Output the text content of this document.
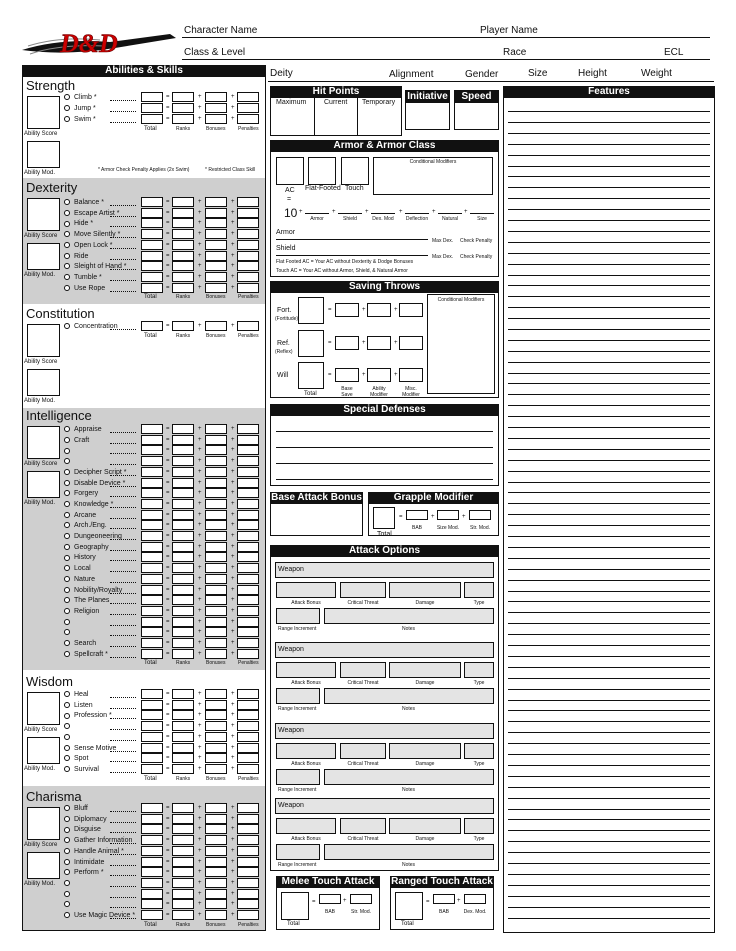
D&D	Character Name	Player Name
Class & Level	Race	ECL
Deity	Alignment	Gender	Size	Height	Weight
Abilities & Skills
Hit Points
Maximum	Current Temporary
Initiative	Speed
Armor & Armor Class
Conditional Modifiers
AC Flat-Footed Touch
=
10
Armor
Max Dex. Check Penalty
Shield
Max Dex. Check Penalty
Flat Footed AC = Your AC without Dexterity & Dodge Bonuses
Touch AC = Your AC without Armor, Shield, & Natural Armor
Saving Throws
Conditional Modifiers
Special Defenses
Base Attack Bonus	Grapple Modifier
Total
=	+	+
BAB	Size Mod.	Str. Mod.
Attack Options
Melee Touch Attack
Total
=	+
BAB	Str. Mod.
Ranged Touch Attack
Total
=	+
BAB	Dex. Mod.
Features
Strength
Ability Score
Ability Mod.
Climb *	=	+	+
Jump *	=	+	+
Swim *	=	+	+
Total	Ranks	Bonuses	Penalties
Dexterity
Ability Score
Ability Mod.
Balance *	=	+	+
Escape Artist *	=	+	+
Hide *	=	+	+
Move Silently *	=	+	+
Open Lock *	=	+	+
Ride	=	+	+
Sleight of Hand *	=	+	+
Tumble *	=	+	+
Use Rope	=	+	+
Total	Ranks	Bonuses	Penalties
Constitution
Ability Score
Ability Mod.
Concentration	=	+	+
Total	Ranks	Bonuses	Penalties
Intelligence
Ability Score
Ability Mod.
Appraise	=	+	+
Craft	=	+	+
=	+	+
=	+	+
Decipher Script *	=	+	+
Disable Device *	=	+	+
Forgery	=	+	+
Knowledge *	=	+	+
Arcane	=	+	+
Arch./Eng.	=	+	+
Dungeoneering	=	+	+
Geography	=	+	+
History	=	+	+
Local	=	+	+
Nature	=	+	+
Nobility/Royalty	=	+	+
The Planes	=	+	+
Religion	=	+	+
=	+	+
=	+	+
Search	=	+	+
Spellcraft *	=	+	+
Total	Ranks	Bonuses	Penalties
Wisdom
Ability Score
Ability Mod.
Heal	=	+	+
Listen	=	+	+
Profession *	=	+	+
=	+	+
=	+	+
Sense Motive	=	+	+
Spot	=	+	+
Survival	=	+	+
Total	Ranks	Bonuses	Penalties
Charisma
Ability Score
Ability Mod.
Bluff	=	+	+
Diplomacy	=	+	+
Disguise	=	+	+
Gather Information	=	+	+
Handle Animal *	=	+	+
Intimidate	=	+	+
Perform *	=	+	+
=	+	+
=	+	+
=	+	+
Use Magic Device *	=	+	+
Total	Ranks	Bonuses	Penalties
* Armor Check Penalty Applies (2x Swim)	* Restricted Class Skill
+	+	+	+	+	+
Armor	Shield	Dex. Mod	Deflection	Natural	Size
Fort.
(Fortitude)
=	+	+
Ref.
(Reflex)
=	+	+
Will	=	+	+
Total
Base Save
Ability Modifier
Misc. Modifier
Weapon
Attack Bonus	Critical Threat	Damage	Type
Range Increment	Notes
Weapon
Attack Bonus	Critical Threat	Damage	Type
Range Increment	Notes
Weapon
Attack Bonus	Critical Threat	Damage	Type
Range Increment	Notes
Weapon
Attack Bonus	Critical Threat	Damage	Type
Range Increment	Notes
